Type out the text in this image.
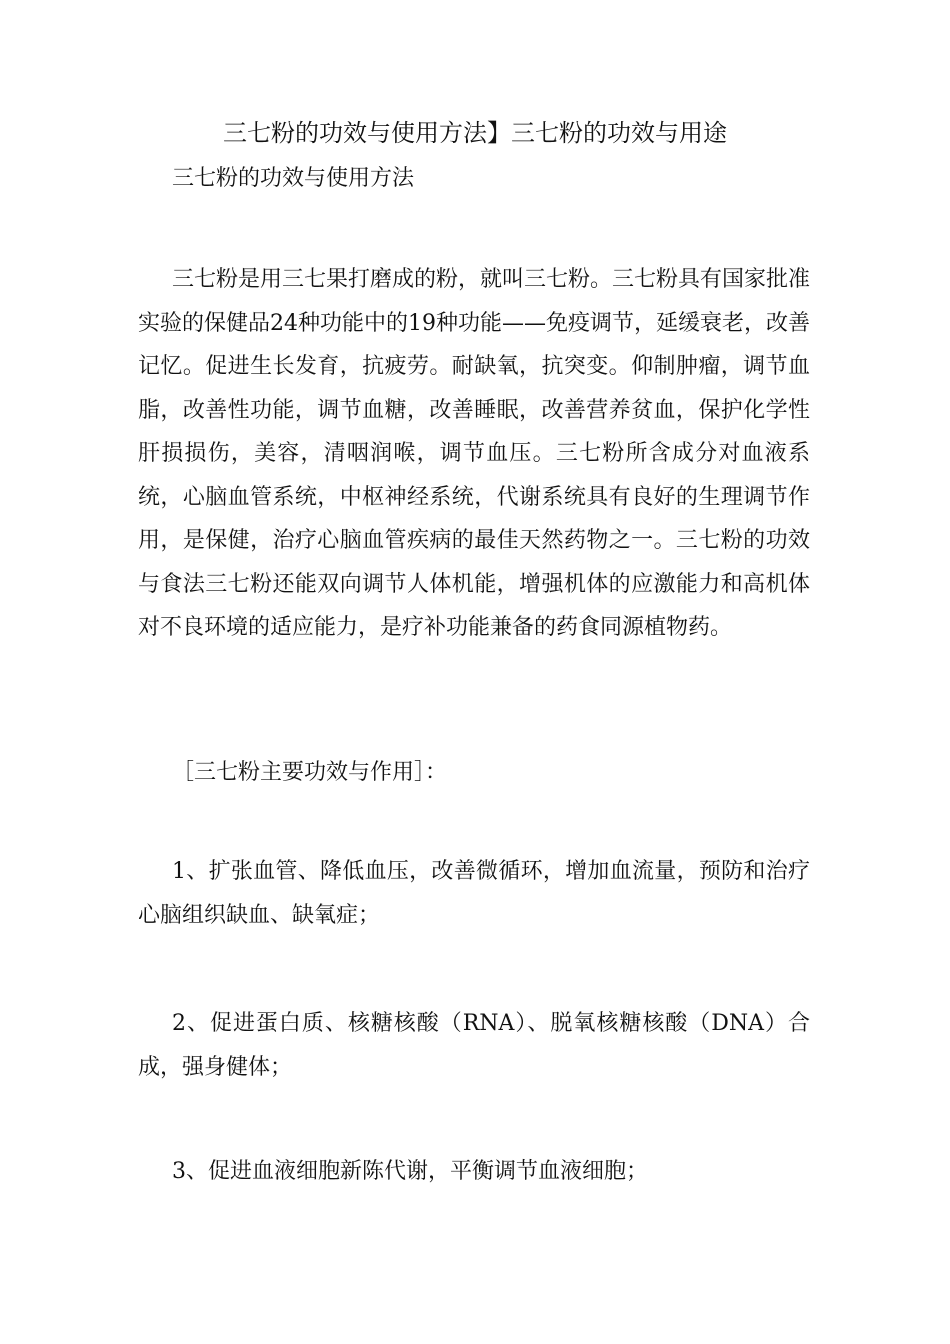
三七粉的功效与使用方法】三七粉的功效与用途
三七粉的功效与使用方法

三七粉是用三七果打磨成的粉，就叫三七粉。三七粉具有国家批准实验的保健品24种功能中的19种功能——免疫调节，延缓衰老，改善记忆。促进生长发育，抗疲劳。耐缺氧，抗突变。仰制肿瘤，调节血脂，改善性功能，调节血糖，改善睡眠，改善营养贫血，保护化学性肝损损伤，美容，清咽润喉，调节血压。三七粉所含成分对血液系统，心脑血管系统，中枢神经系统，代谢系统具有良好的生理调节作用，是保健，治疗心脑血管疾病的最佳天然药物之一。三七粉的功效与食法三七粉还能双向调节人体机能，增强机体的应激能力和高机体对不良环境的适应能力，是疗补功能兼备的药食同源植物药。

［三七粉主要功效与作用］：

1、扩张血管、降低血压，改善微循环，增加血流量，预防和治疗心脑组织缺血、缺氧症；

2、促进蛋白质、核糖核酸（RNA）、脱氧核糖核酸（DNA）合成，强身健体；

3、促进血液细胞新陈代谢，平衡调节血液细胞；
